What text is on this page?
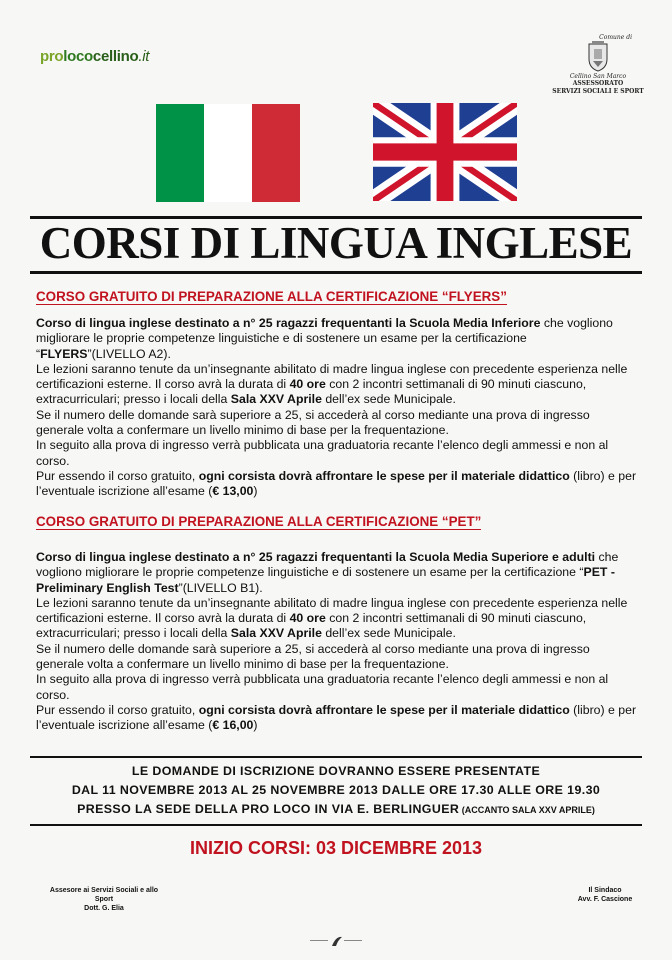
prolococellino.it
Comune di
Cellino San Marco
ASSESSORATO
SERVIZI SOCIALI E SPORT
CORSI DI LINGUA INGLESE
CORSO GRATUITO DI PREPARAZIONE ALLA CERTIFICAZIONE “FLYERS”

Corso di lingua inglese destinato a n° 25 ragazzi frequentanti la Scuola Media Inferiore che vogliono migliorare le proprie competenze linguistiche e di sostenere un esame per la certificazione “FLYERS”(LIVELLO A2).

Le lezioni saranno tenute da un’insegnante abilitato di madre lingua inglese con precedente esperienza nelle certificazioni esterne. Il corso avrà la durata di 40 ore con 2 incontri settimanali di 90 minuti ciascuno, extracurriculari; presso i locali della Sala XXV Aprile dell’ex sede Municipale.

Se il numero delle domande sarà superiore a 25, si accederà al corso mediante una prova di ingresso generale volta a confermare un livello minimo di base per la frequentazione.

In seguito alla prova di ingresso verrà pubblicata una graduatoria recante l’elenco degli ammessi e non al corso.

Pur essendo il corso gratuito, ogni corsista dovrà affrontare le spese per il materiale didattico (libro) e per l’eventuale iscrizione all’esame (€ 13,00)

CORSO GRATUITO DI PREPARAZIONE ALLA CERTIFICAZIONE “PET”

Corso di lingua inglese destinato a n° 25 ragazzi frequentanti la Scuola Media Superiore e adulti che vogliono migliorare le proprie competenze linguistiche e di sostenere un esame per la certificazione “PET - Preliminary English Test”(LIVELLO B1).

Le lezioni saranno tenute da un’insegnante abilitato di madre lingua inglese con precedente esperienza nelle certificazioni esterne. Il corso avrà la durata di 40 ore con 2 incontri settimanali di 90 minuti ciascuno, extracurriculari; presso i locali della Sala XXV Aprile dell’ex sede Municipale.

Se il numero delle domande sarà superiore a 25, si accederà al corso mediante una prova di ingresso generale volta a confermare un livello minimo di base per la frequentazione.

In seguito alla prova di ingresso verrà pubblicata una graduatoria recante l’elenco degli ammessi e non al corso.

Pur essendo il corso gratuito, ogni corsista dovrà affrontare le spese per il materiale didattico (libro) e per l’eventuale iscrizione all’esame (€ 16,00)

LE DOMANDE DI ISCRIZIONE DOVRANNO ESSERE PRESENTATE
DAL 11 NOVEMBRE 2013 AL 25 NOVEMBRE 2013 DALLE ORE 17.30 ALLE ORE 19.30
PRESSO LA SEDE DELLA PRO LOCO IN VIA E. BERLINGUER (ACCANTO SALA XXV APRILE)
INIZIO CORSI: 03 DICEMBRE 2013
Assesore ai Servizi Sociali e allo Sport
Dott. G. Elia
Il Sindaco
Avv. F. Cascione
